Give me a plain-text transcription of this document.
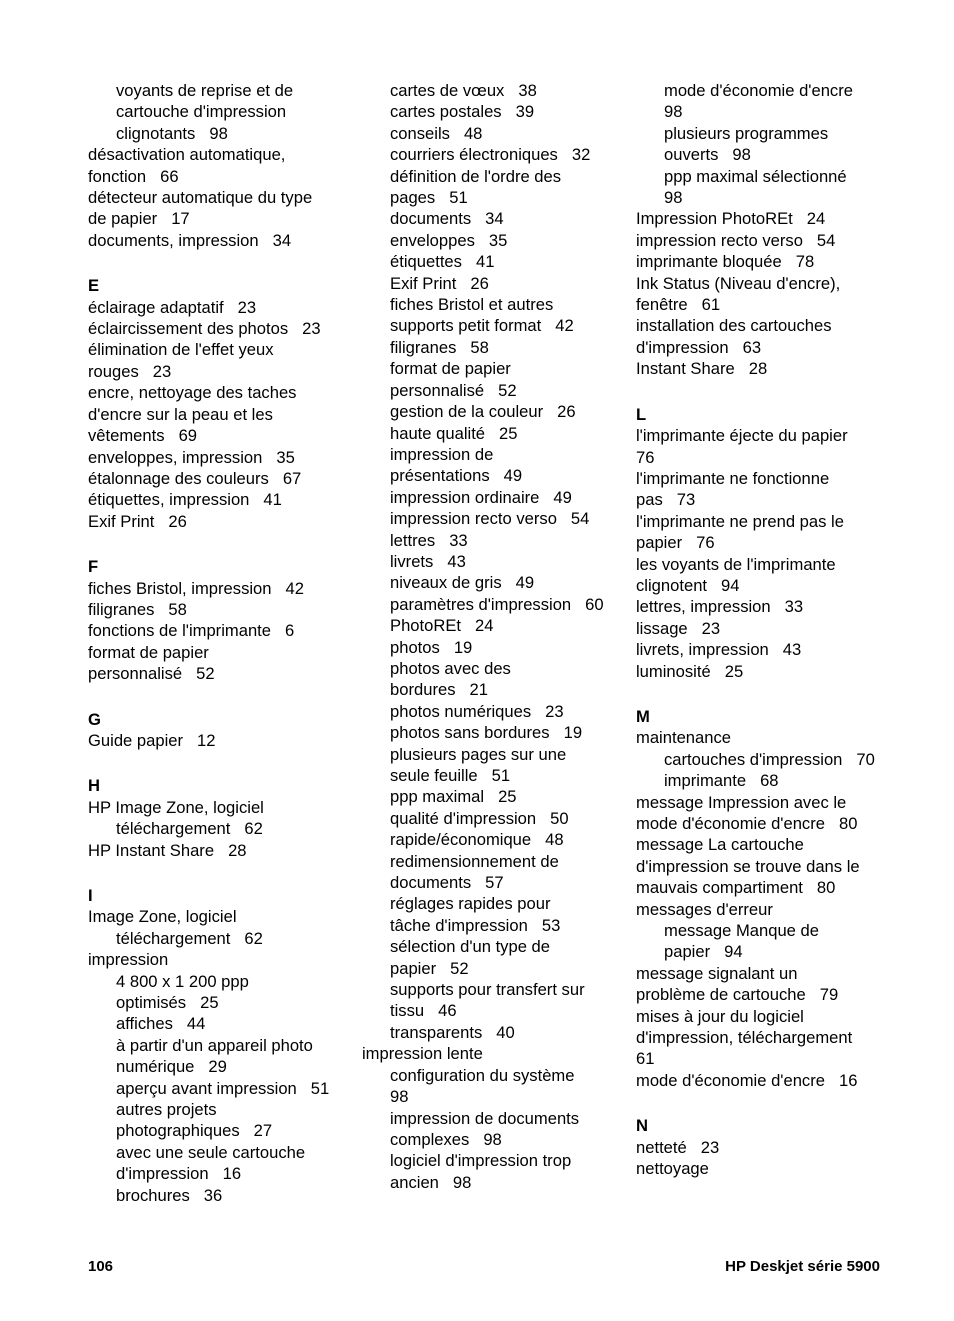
voyants de reprise et de
cartouche d'impression
clignotants 98
désactivation automatique,
fonction 66
détecteur automatique du type
de papier 17
documents, impression 34
E
éclairage adaptatif 23
éclaircissement des photos 23
élimination de l'effet yeux
rouges 23
encre, nettoyage des taches
d'encre sur la peau et les
vêtements 69
enveloppes, impression 35
étalonnage des couleurs 67
étiquettes, impression 41
Exif Print 26
F
fiches Bristol, impression 42
filigranes 58
fonctions de l'imprimante 6
format de papier
personnalisé 52
G
Guide papier 12
H
HP Image Zone, logiciel
téléchargement 62
HP Instant Share 28
I
Image Zone, logiciel
téléchargement 62
impression
4 800 x 1 200 ppp
optimisés 25
affiches 44
à partir d'un appareil photo
numérique 29
aperçu avant impression 51
autres projets
photographiques 27
avec une seule cartouche
d'impression 16
brochures 36
cartes de vœux 38
cartes postales 39
conseils 48
courriers électroniques 32
définition de l'ordre des
pages 51
documents 34
enveloppes 35
étiquettes 41
Exif Print 26
fiches Bristol et autres
supports petit format 42
filigranes 58
format de papier
personnalisé 52
gestion de la couleur 26
haute qualité 25
impression de
présentations 49
impression ordinaire 49
impression recto verso 54
lettres 33
livrets 43
niveaux de gris 49
paramètres d'impression 60
PhotoREt 24
photos 19
photos avec des
bordures 21
photos numériques 23
photos sans bordures 19
plusieurs pages sur une
seule feuille 51
ppp maximal 25
qualité d'impression 50
rapide/économique 48
redimensionnement de
documents 57
réglages rapides pour
tâche d'impression 53
sélection d'un type de
papier 52
supports pour transfert sur
tissu 46
transparents 40
impression lente
configuration du système
98
impression de documents
complexes 98
logiciel d'impression trop
ancien 98
mode d'économie d'encre
98
plusieurs programmes
ouverts 98
ppp maximal sélectionné
98
Impression PhotoREt 24
impression recto verso 54
imprimante bloquée 78
Ink Status (Niveau d'encre),
fenêtre 61
installation des cartouches
d'impression 63
Instant Share 28
L
l'imprimante éjecte du papier
76
l'imprimante ne fonctionne
pas 73
l'imprimante ne prend pas le
papier 76
les voyants de l'imprimante
clignotent 94
lettres, impression 33
lissage 23
livrets, impression 43
luminosité 25
M
maintenance
cartouches d'impression 70
imprimante 68
message Impression avec le
mode d'économie d'encre 80
message La cartouche
d'impression se trouve dans le
mauvais compartiment 80
messages d'erreur
message Manque de
papier 94
message signalant un
problème de cartouche 79
mises à jour du logiciel
d'impression, téléchargement
61
mode d'économie d'encre 16
N
netteté 23
nettoyage
106	HP Deskjet série 5900
